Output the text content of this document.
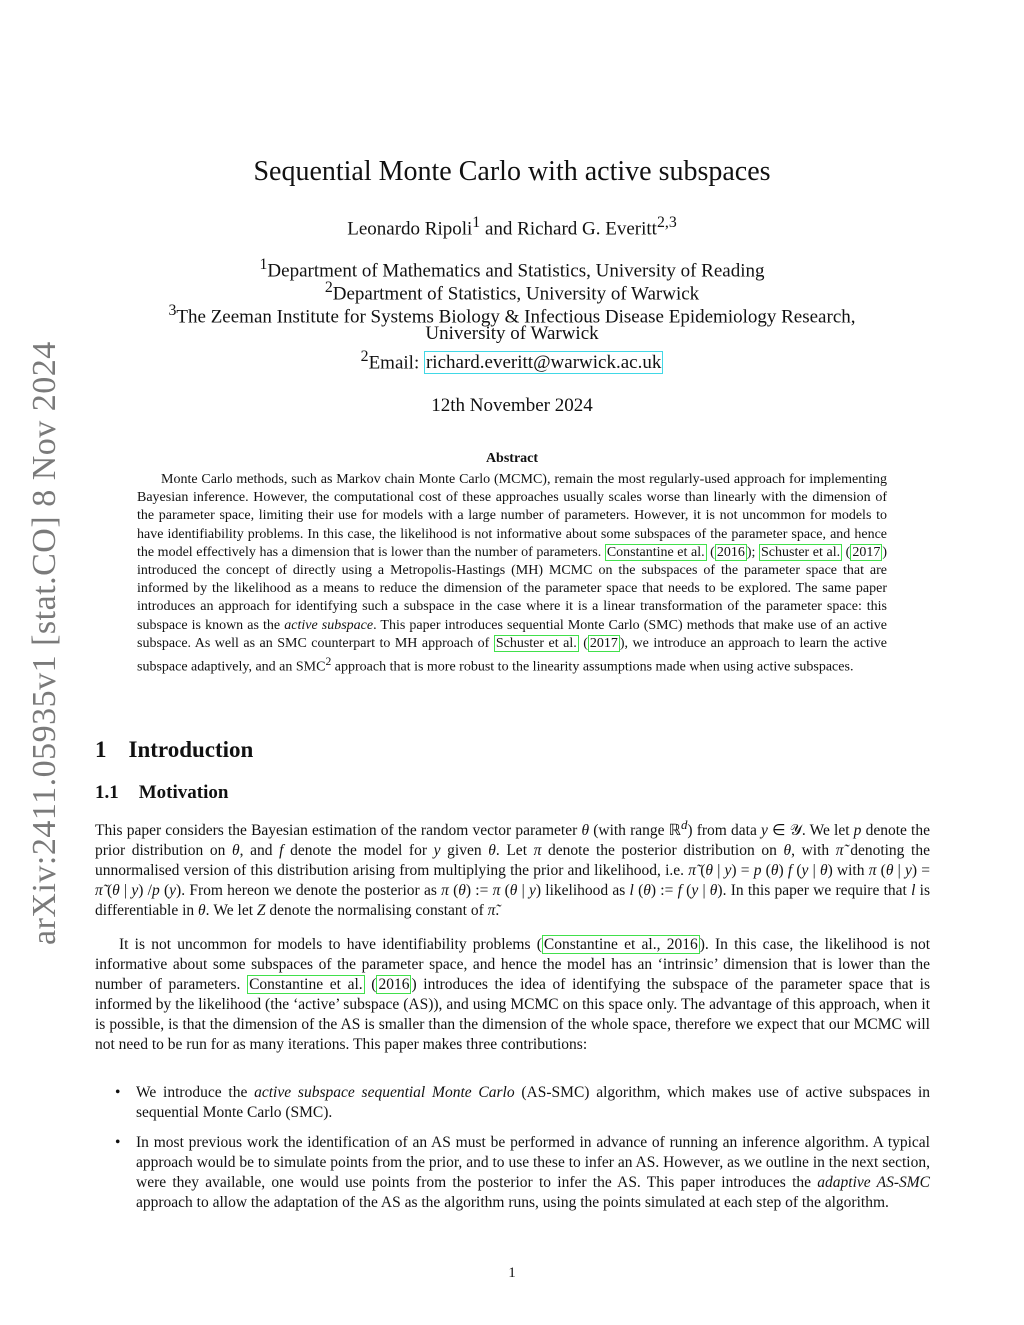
arXiv:2411.05935v1 [stat.CO] 8 Nov 2024
Sequential Monte Carlo with active subspaces
Leonardo Ripoli$^1$ and Richard G. Everitt$^{2,3}$
$^1$Department of Mathematics and Statistics, University of Reading
$^2$Department of Statistics, University of Warwick
$^3$The Zeeman Institute for Systems Biology & Infectious Disease Epidemiology Research,
University of Warwick
$^2$Email: richard.everitt@warwick.ac.uk
12th November 2024
Abstract
Monte Carlo methods, such as Markov chain Monte Carlo (MCMC), remain the most regularly-used approach for implementing Bayesian inference. However, the computational cost of these approaches usually scales worse than linearly with the dimension of the parameter space, limiting their use for models with a large number of parameters. However, it is not uncommon for models to have identifiability problems. In this case, the likelihood is not informative about some subspaces of the parameter space, and hence the model effectively has a dimension that is lower than the number of parameters. Constantine et al. ( 2016 ); Schuster et al. ( 2017 ) introduced the concept of directly using a Metropolis-Hastings (MH) MCMC on the subspaces of the parameter space that are informed by the likelihood as a means to reduce the dimension of the parameter space that needs to be explored. The same paper introduces an approach for identifying such a subspace in the case where it is a linear transformation of the parameter space: this subspace is known as the active subspace. This paper introduces sequential Monte Carlo (SMC) methods that make use of an active subspace. As well as an SMC counterpart to MH approach of Schuster et al. ( 2017 ), we introduce an approach to learn the active subspace adaptively, and an SMC$^2$ approach that is more robust to the linearity assumptions made when using active subspaces.
1 Introduction
1.1 Motivation
This paper considers the Bayesian estimation of the random vector parameter θ (with range ℝ$^d$) from data y ∈ 𝒴. We let p denote the prior distribution on θ, and f denote the model for y given θ. Let π denote the posterior distribution on θ, with π̃ denoting the unnormalised version of this distribution arising from multiplying the prior and likelihood, i.e. π̃ (θ | y) = p (θ) f (y | θ) with π (θ | y) = π̃ (θ | y) /p (y). From hereon we denote the posterior as π (θ) := π (θ | y) likelihood as l (θ) := f (y | θ). In this paper we require that l is differentiable in θ. We let Z denote the normalising constant of π̃.
It is not uncommon for models to have identifiability problems ( Constantine et al., 2016 ). In this case, the likelihood is not informative about some subspaces of the parameter space, and hence the model has an ‘intrinsic’ dimension that is lower than the number of parameters. Constantine et al. ( 2016 ) introduces the idea of identifying the subspace of the parameter space that is informed by the likelihood (the ‘active’ subspace (AS)), and using MCMC on this space only. The advantage of this approach, when it is possible, is that the dimension of the AS is smaller than the dimension of the whole space, therefore we expect that our MCMC will not need to be run for as many iterations. This paper makes three contributions:
• We introduce the active subspace sequential Monte Carlo (AS-SMC) algorithm, which makes use of active subspaces in sequential Monte Carlo (SMC).
• In most previous work the identification of an AS must be performed in advance of running an inference algorithm. A typical approach would be to simulate points from the prior, and to use these to infer an AS. However, as we outline in the next section, were they available, one would use points from the posterior to infer the AS. This paper introduces the adaptive AS-SMC approach to allow the adaptation of the AS as the algorithm runs, using the points simulated at each step of the algorithm.
1
